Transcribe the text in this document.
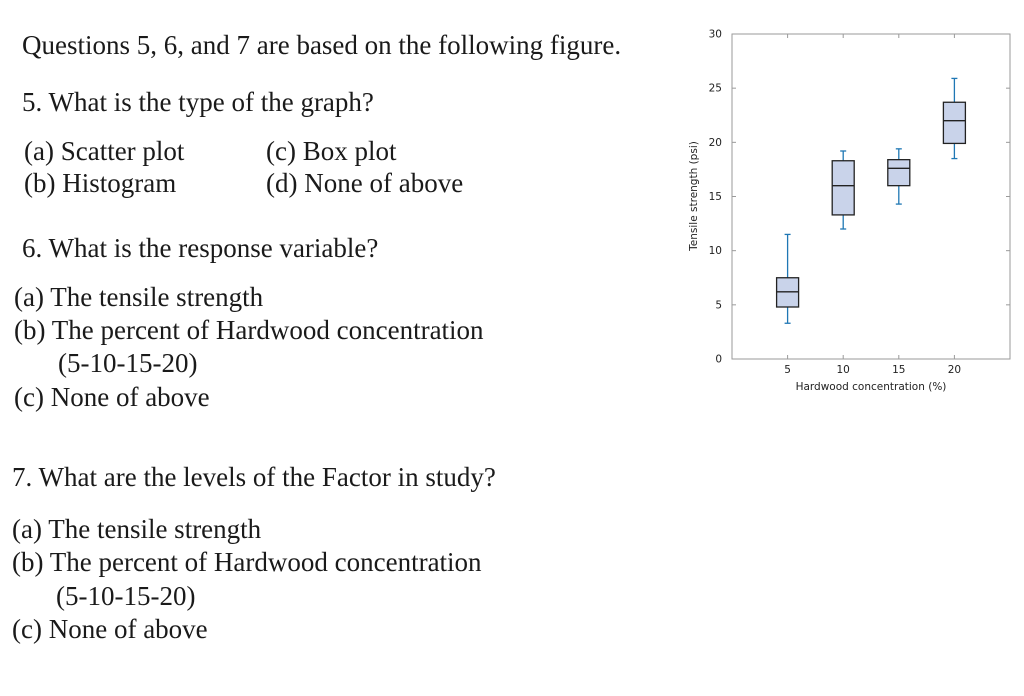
Questions 5, 6, and 7 are based on the following figure.
5. What is the type of the graph?
(a) Scatter plot
(b) Histogram
(c) Box plot
(d) None of above
6. What is the response variable?
(a) The tensile strength
(b) The percent of Hardwood concentration
(5-10-15-20)
(c) None of above
7. What are the levels of the Factor in study?
(a) The tensile strength
(b) The percent of Hardwood concentration
(5-10-15-20)
(c) None of above
0
5
10
15
20
25
30
5	10	15	20
Hardwood concentration (%)
Tensile strength (psi)
